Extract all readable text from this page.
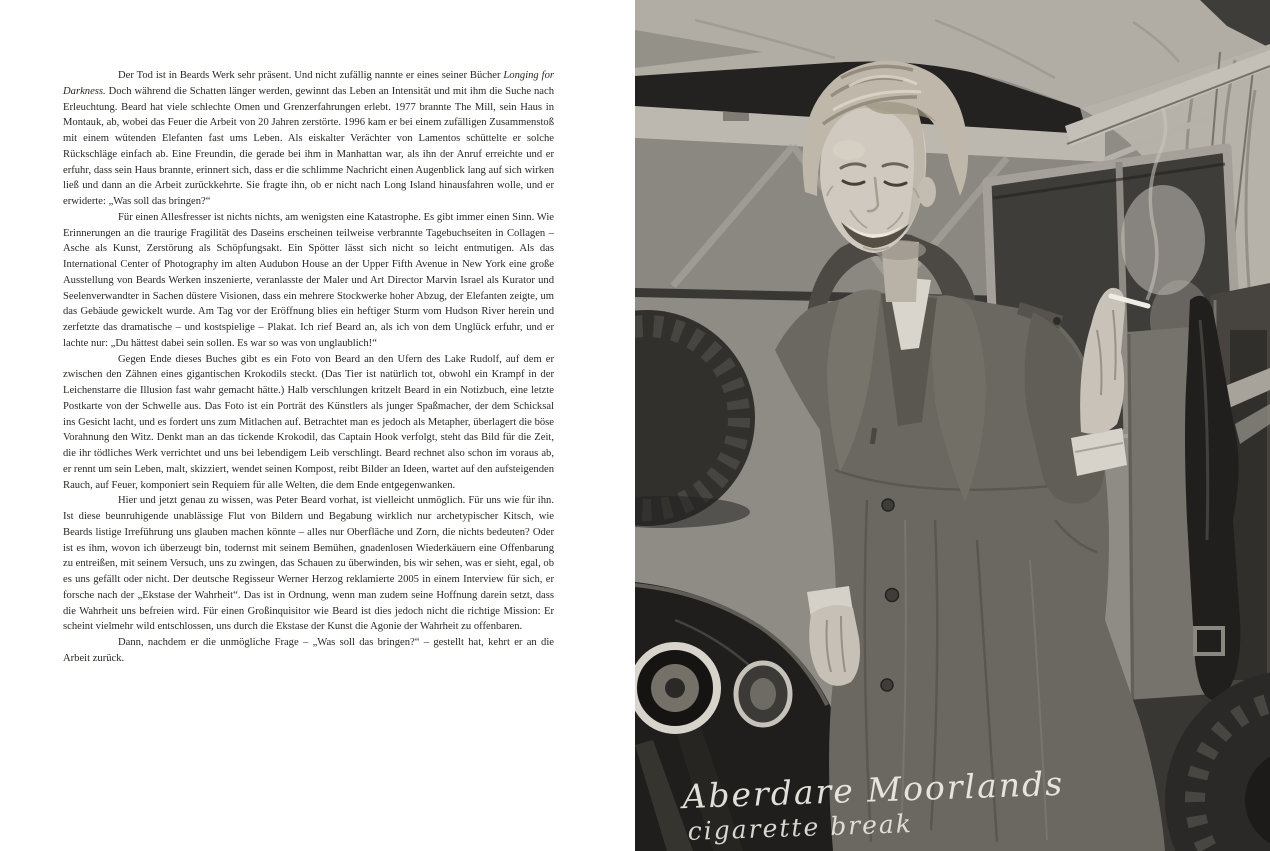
Der Tod ist in Beards Werk sehr präsent. Und nicht zufällig nannte er eines seiner Bücher Longing for Darkness. Doch während die Schatten länger werden, gewinnt das Leben an Intensität und mit ihm die Suche nach Erleuchtung. Beard hat viele schlechte Omen und Grenzerfahrungen erlebt. 1977 brannte The Mill, sein Haus in Montauk, ab, wobei das Feuer die Arbeit von 20 Jahren zerstörte. 1996 kam er bei einem zufälligen Zusammenstoß mit einem wütenden Elefanten fast ums Leben. Als eiskalter Verächter von Lamentos schüttelte er solche Rückschläge einfach ab. Eine Freundin, die gerade bei ihm in Manhattan war, als ihn der Anruf erreichte und er erfuhr, dass sein Haus brannte, erinnert sich, dass er die schlimme Nachricht einen Augenblick lang auf sich wirken ließ und dann an die Arbeit zurückkehrte. Sie fragte ihn, ob er nicht nach Long Island hinausfahren wolle, und er erwiderte: „Was soll das bringen?“

Für einen Allesfresser ist nichts nichts, am wenigsten eine Katastrophe. Es gibt immer einen Sinn. Wie Erinnerungen an die traurige Fragilität des Daseins erscheinen teilweise verbrannte Tagebuchseiten in Collagen – Asche als Kunst, Zerstörung als Schöpfungsakt. Ein Spötter lässt sich nicht so leicht entmutigen. Als das International Center of Photography im alten Audubon House an der Upper Fifth Avenue in New York eine große Ausstellung von Beards Werken inszenierte, veranlasste der Maler und Art Director Marvin Israel als Kurator und Seelenverwandter in Sachen düstere Visionen, dass ein mehrere Stockwerke hoher Abzug, der Elefanten zeigte, um das Gebäude gewickelt wurde. Am Tag vor der Eröffnung blies ein heftiger Sturm vom Hudson River herein und zerfetzte das dramatische – und kostspielige – Plakat. Ich rief Beard an, als ich von dem Unglück erfuhr, und er lachte nur: „Du hättest dabei sein sollen. Es war so was von unglaublich!“

Gegen Ende dieses Buches gibt es ein Foto von Beard an den Ufern des Lake Rudolf, auf dem er zwischen den Zähnen eines gigantischen Krokodils steckt. (Das Tier ist natürlich tot, obwohl ein Krampf in der Leichenstarre die Illusion fast wahr gemacht hätte.) Halb verschlungen kritzelt Beard in ein Notizbuch, eine letzte Postkarte von der Schwelle aus. Das Foto ist ein Porträt des Künstlers als junger Spaßmacher, der dem Schicksal ins Gesicht lacht, und es fordert uns zum Mitlachen auf. Betrachtet man es jedoch als Metapher, überlagert die böse Vorahnung den Witz. Denkt man an das tickende Krokodil, das Captain Hook verfolgt, steht das Bild für die Zeit, die ihr tödliches Werk verrichtet und uns bei lebendigem Leib verschlingt. Beard rechnet also schon im voraus ab, er rennt um sein Leben, malt, skizziert, wendet seinen Kompost, reibt Bilder an Ideen, wartet auf den aufsteigenden Rauch, auf Feuer, komponiert sein Requiem für alle Welten, die dem Ende entgegenwanken.

Hier und jetzt genau zu wissen, was Peter Beard vorhat, ist vielleicht unmöglich. Für uns wie für ihn. Ist diese beunruhigende unablässige Flut von Bildern und Begabung wirklich nur archetypischer Kitsch, wie Beards listige Irreführung uns glauben machen könnte – alles nur Oberfläche und Zorn, die nichts bedeuten? Oder ist es ihm, wovon ich überzeugt bin, todernst mit seinem Bemühen, gnadenlosen Wiederkäuern eine Offenbarung zu entreißen, mit seinem Versuch, uns zu zwingen, das Schauen zu überwinden, bis wir sehen, was er sieht, egal, ob es uns gefällt oder nicht. Der deutsche Regisseur Werner Herzog reklamierte 2005 in einem Interview für sich, er forsche nach der „Ekstase der Wahrheit“. Das ist in Ordnung, wenn man zudem seine Hoffnung darein setzt, dass die Wahrheit uns befreien wird. Für einen Großinquisitor wie Beard ist dies jedoch nicht die richtige Mission: Er scheint vielmehr wild entschlossen, uns durch die Ekstase der Kunst die Agonie der Wahrheit zu offenbaren.

Dann, nachdem er die unmögliche Frage – „Was soll das bringen?“ – gestellt hat, kehrt er an die Arbeit zurück.

Aberdare Moorlands
cigarette break
